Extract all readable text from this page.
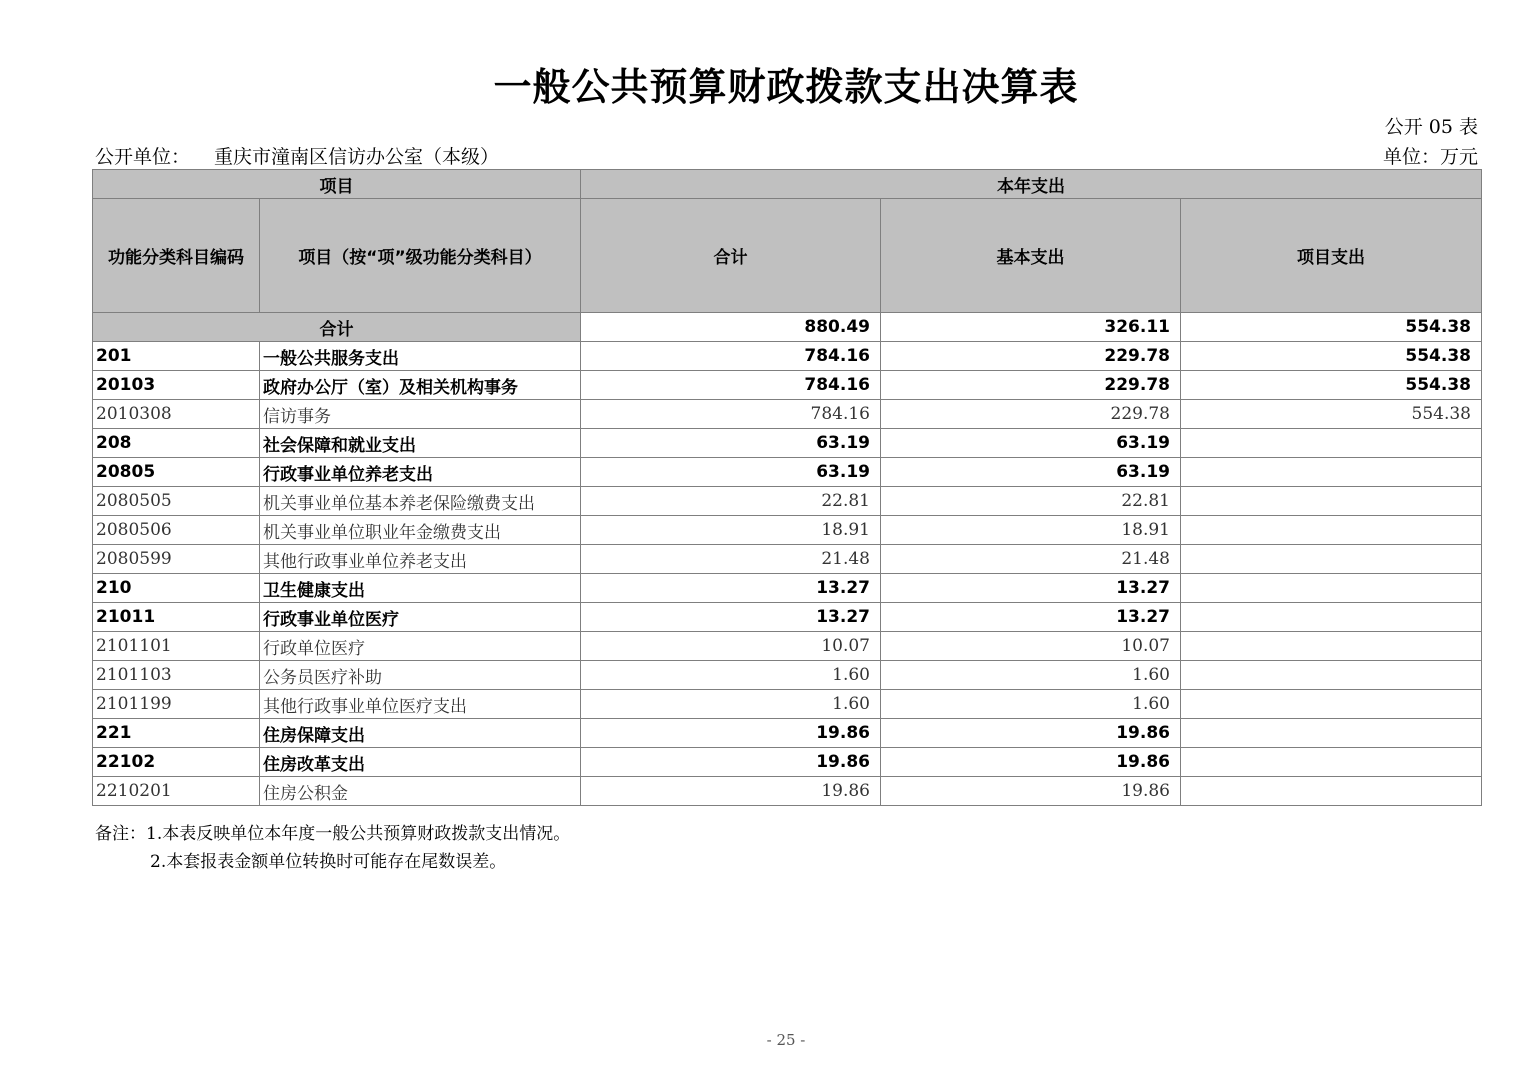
一般公共预算财政拨款支出决算表
公开 05 表
公开单位： 重庆市潼南区信访办公室（本级）	单位：万元
项目		本年支出		
功能分类科目编码	项目（按“项”级功能分类科目）	合计	基本支出	项目支出
合计		880.49	326.11	554.38
201	一般公共服务支出	784.16	229.78	554.38
20103	政府办公厅（室）及相关机构事务	784.16	229.78	554.38
2010308	信访事务	784.16	229.78	554.38
208	社会保障和就业支出	63.19	63.19	
20805	行政事业单位养老支出	63.19	63.19	
2080505	机关事业单位基本养老保险缴费支出	22.81	22.81	
2080506	机关事业单位职业年金缴费支出	18.91	18.91	
2080599	其他行政事业单位养老支出	21.48	21.48	
210	卫生健康支出	13.27	13.27	
21011	行政事业单位医疗	13.27	13.27	
2101101	行政单位医疗	10.07	10.07	
2101103	公务员医疗补助	1.60	1.60	
2101199	其他行政事业单位医疗支出	1.60	1.60	
221	住房保障支出	19.86	19.86	
22102	住房改革支出	19.86	19.86	
2210201	住房公积金	19.86	19.86	
备注：1.本表反映单位本年度一般公共预算财政拨款支出情况。
2.本套报表金额单位转换时可能存在尾数误差。
- 25 -
